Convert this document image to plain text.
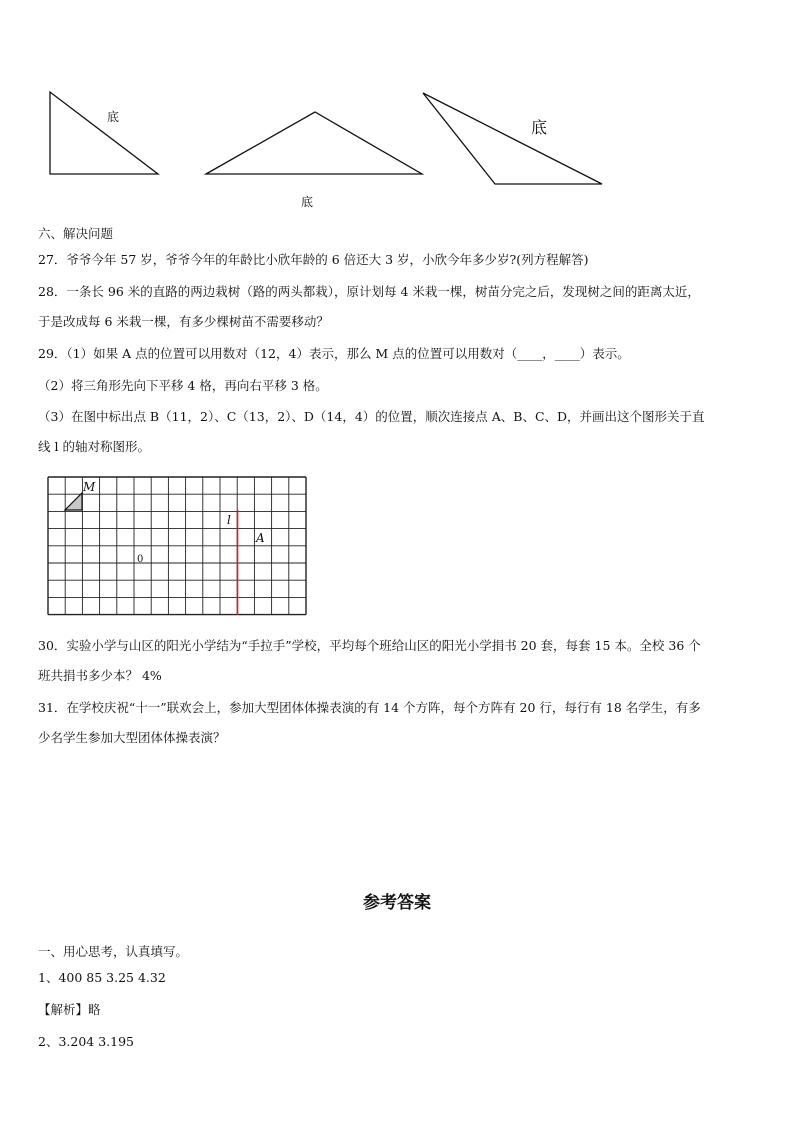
底
底
底
六、解决问题
27．爷爷今年 57 岁，爷爷今年的年龄比小欣年龄的 6 倍还大 3 岁，小欣今年多少岁?(列方程解答)
28．一条长 96 米的直路的两边栽树（路的两头都栽），原计划每 4 米栽一棵，树苗分完之后，发现树之间的距离太近，
于是改成每 6 米栽一棵，有多少棵树苗不需要移动？
29．（1）如果 A 点的位置可以用数对（12，4）表示，那么 M 点的位置可以用数对（____，____）表示。
（2）将三角形先向下平移 4 格，再向右平移 3 格。
（3）在图中标出点 B（11，2）、C（13，2）、D（14，4）的位置，顺次连接点 A、B、C、D，并画出这个图形关于直
线 l 的轴对称图形。
M
l
A
0
30．实验小学与山区的阳光小学结为“手拉手”学校，平均每个班给山区的阳光小学捐书 20 套，每套 15 本。全校 36 个
班共捐书多少本？ 4%
31．在学校庆祝“十一”联欢会上，参加大型团体体操表演的有 14 个方阵，每个方阵有 20 行，每行有 18 名学生，有多
少名学生参加大型团体体操表演？
参考答案
一、用心思考，认真填写。
1、400 85 3.25 4.32
【解析】略
2、3.204 3.195
